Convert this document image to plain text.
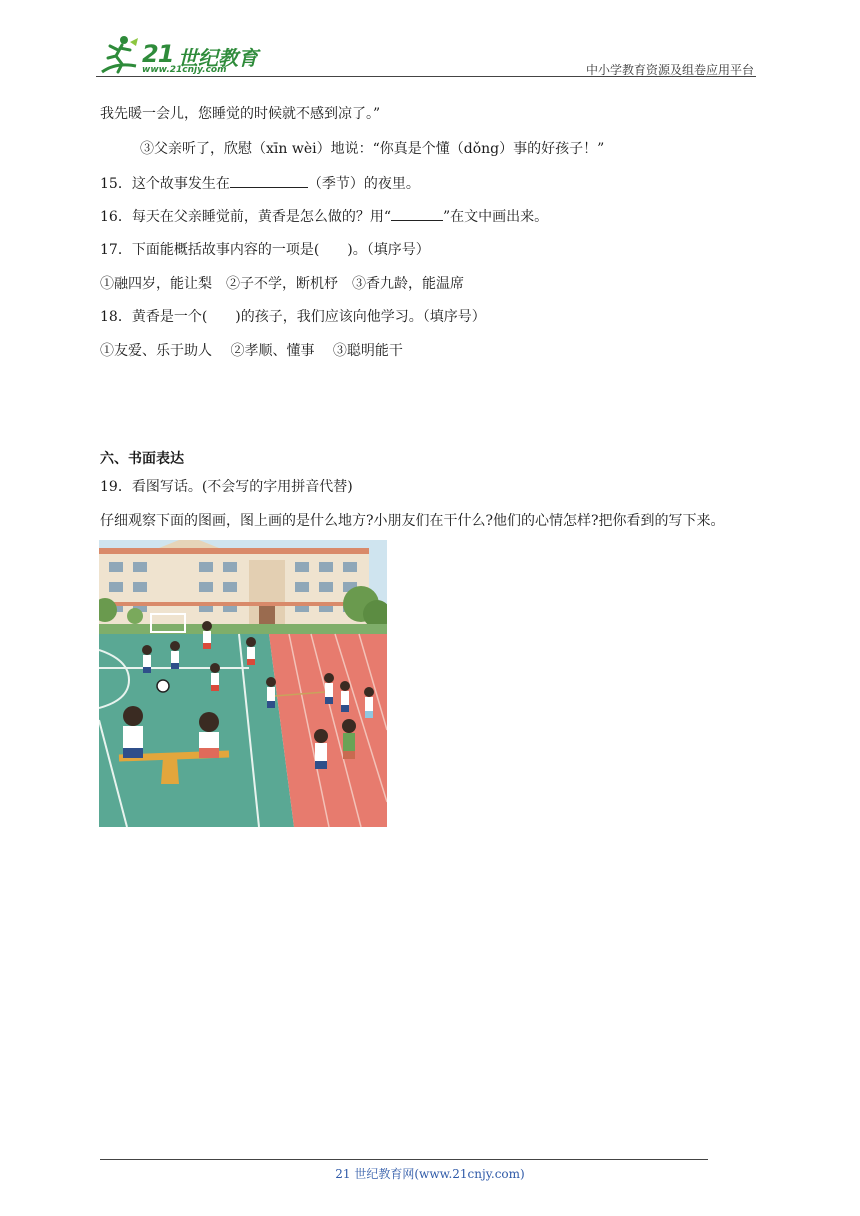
21 世纪教育
www.21cnjy.com	中小学教育资源及组卷应用平台
我先暖一会儿，您睡觉的时候就不感到凉了。”
③父亲听了，欣慰（xīn wèi）地说：“你真是个懂（dǒng）事的好孩子！”
15．这个故事发生在	（季节）的夜里。
16．每天在父亲睡觉前，黄香是怎么做的？用“	”在文中画出来。
17．下面能概括故事内容的一项是(　　)。（填序号）
①融四岁，能让梨　②子不学，断机杼　③香九龄，能温席
18．黄香是一个(　　)的孩子，我们应该向他学习。（填序号）
①友爱、乐于助人　 ②孝顺、懂事　 ③聪明能干
六、书面表达
19．看图写话。(不会写的字用拼音代替)
仔细观察下面的图画，图上画的是什么地方?小朋友们在干什么?他们的心情怎样?把你看到的写下来。
21 世纪教育网(www.21cnjy.com)
